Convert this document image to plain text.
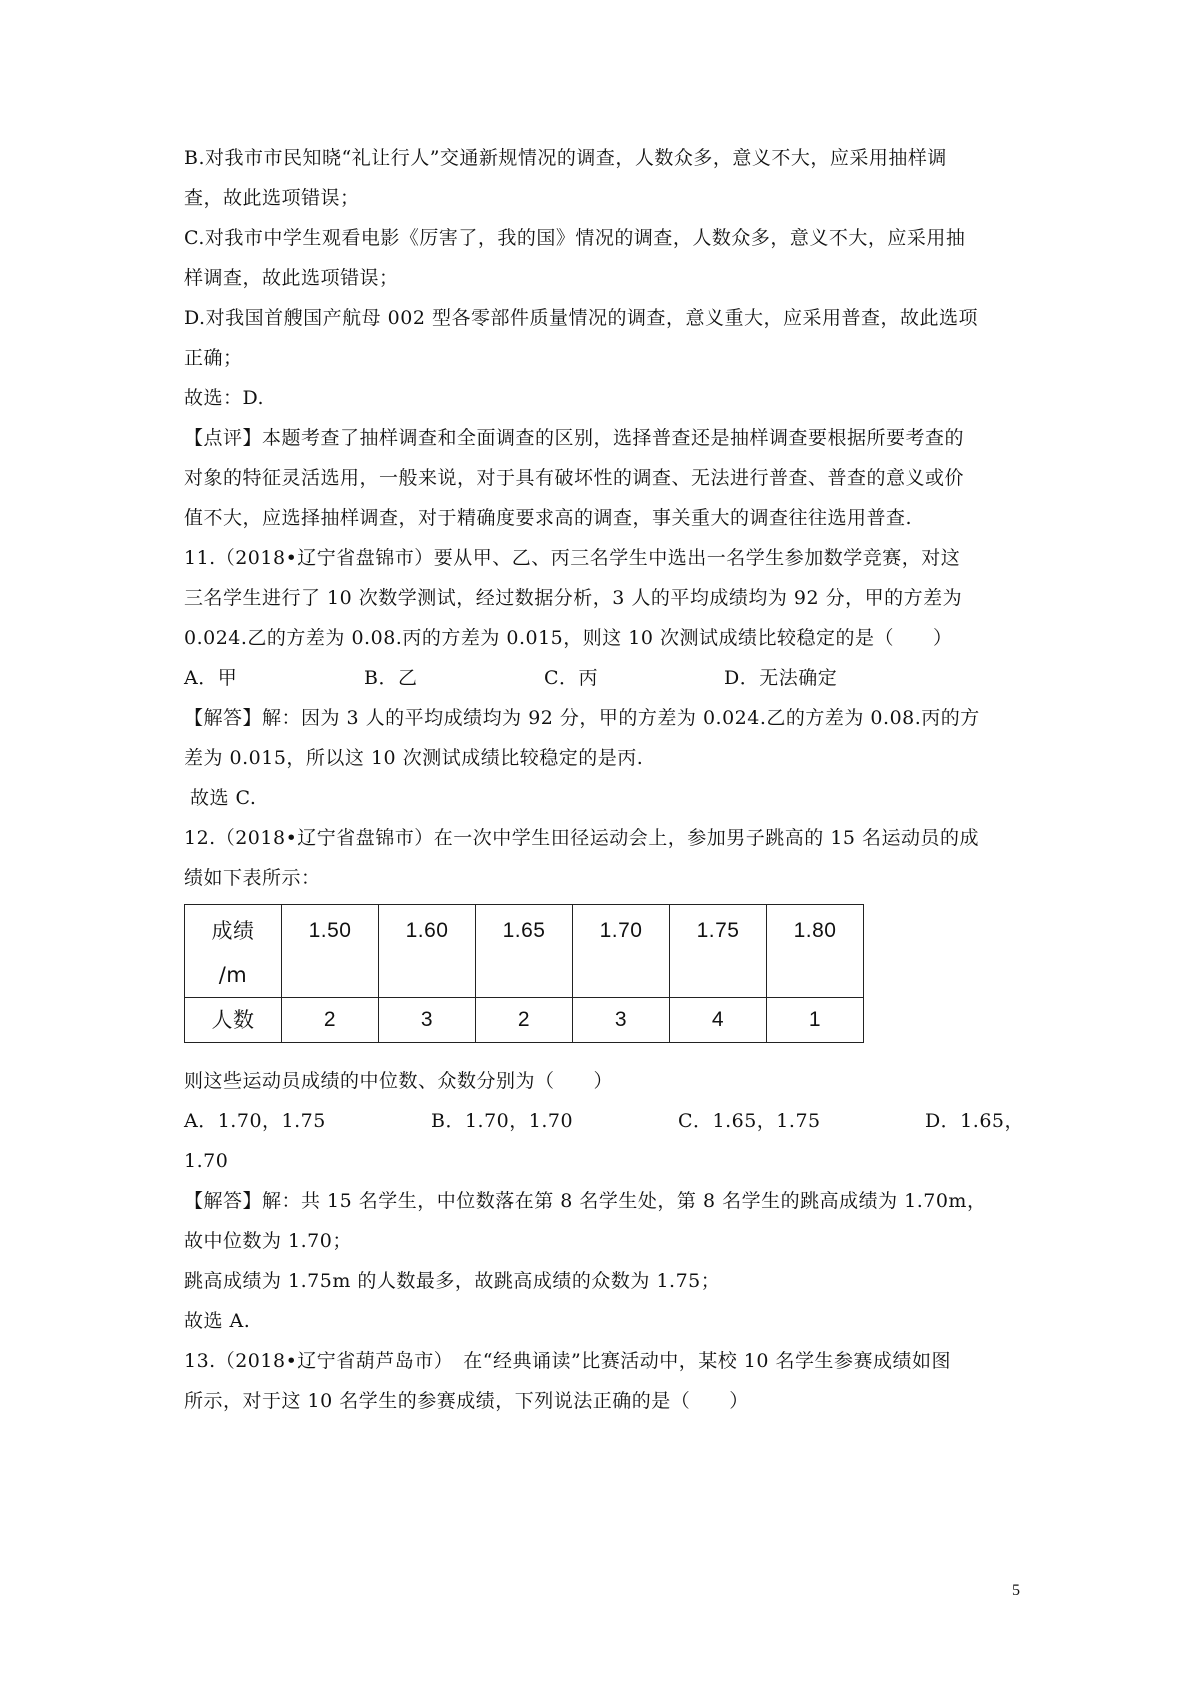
B.对我市市民知晓“礼让行人”交通新规情况的调查，人数众多，意义不大，应采用抽样调

查，故此选项错误；

C.对我市中学生观看电影《厉害了，我的国》情况的调查，人数众多，意义不大，应采用抽

样调查，故此选项错误；

D.对我国首艘国产航母 002 型各零部件质量情况的调查，意义重大，应采用普查，故此选项

正确；

故选：D.

【点评】本题考查了抽样调查和全面调查的区别，选择普查还是抽样调查要根据所要考查的

对象的特征灵活选用，一般来说，对于具有破坏性的调查、无法进行普查、普查的意义或价

值不大，应选择抽样调查，对于精确度要求高的调查，事关重大的调查往往选用普查.

11.（2018•辽宁省盘锦市）要从甲、乙、丙三名学生中选出一名学生参加数学竞赛，对这

三名学生进行了 10 次数学测试，经过数据分析，3 人的平均成绩均为 92 分，甲的方差为

0.024.乙的方差为 0.08.丙的方差为 0.015，则这 10 次测试成绩比较稳定的是（　　）

A．甲	B．乙	C．丙	D．无法确定

【解答】解：因为 3 人的平均成绩均为 92 分，甲的方差为 0.024.乙的方差为 0.08.丙的方

差为 0.015，所以这 10 次测试成绩比较稳定的是丙.

故选 C.

12.（2018•辽宁省盘锦市）在一次中学生田径运动会上，参加男子跳高的 15 名运动员的成

绩如下表所示：

成绩
/m	1.50	1.60	1.65	1.70	1.75	1.80
人数	2	3	2	3	4	1

则这些运动员成绩的中位数、众数分别为（　　）

A．1.70，1.75	B．1.70，1.70	C．1.65，1.75	D．1.65，

1.70

【解答】解：共 15 名学生，中位数落在第 8 名学生处，第 8 名学生的跳高成绩为 1.70m，

故中位数为 1.70；

跳高成绩为 1.75m 的人数最多，故跳高成绩的众数为 1.75；

故选 A.

13.（2018•辽宁省葫芦岛市）　在“经典诵读”比赛活动中，某校 10 名学生参赛成绩如图

所示，对于这 10 名学生的参赛成绩，下列说法正确的是（　　）

5
